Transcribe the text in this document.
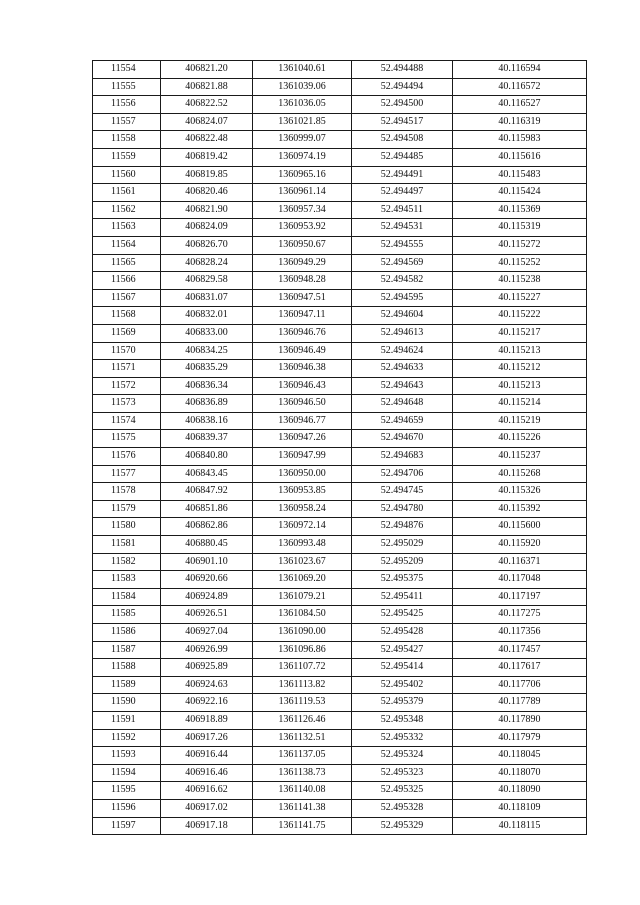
11554	406821.20	1361040.61	52.494488	40.116594
11555	406821.88	1361039.06	52.494494	40.116572
11556	406822.52	1361036.05	52.494500	40.116527
11557	406824.07	1361021.85	52.494517	40.116319
11558	406822.48	1360999.07	52.494508	40.115983
11559	406819.42	1360974.19	52.494485	40.115616
11560	406819.85	1360965.16	52.494491	40.115483
11561	406820.46	1360961.14	52.494497	40.115424
11562	406821.90	1360957.34	52.494511	40.115369
11563	406824.09	1360953.92	52.494531	40.115319
11564	406826.70	1360950.67	52.494555	40.115272
11565	406828.24	1360949.29	52.494569	40.115252
11566	406829.58	1360948.28	52.494582	40.115238
11567	406831.07	1360947.51	52.494595	40.115227
11568	406832.01	1360947.11	52.494604	40.115222
11569	406833.00	1360946.76	52.494613	40.115217
11570	406834.25	1360946.49	52.494624	40.115213
11571	406835.29	1360946.38	52.494633	40.115212
11572	406836.34	1360946.43	52.494643	40.115213
11573	406836.89	1360946.50	52.494648	40.115214
11574	406838.16	1360946.77	52.494659	40.115219
11575	406839.37	1360947.26	52.494670	40.115226
11576	406840.80	1360947.99	52.494683	40.115237
11577	406843.45	1360950.00	52.494706	40.115268
11578	406847.92	1360953.85	52.494745	40.115326
11579	406851.86	1360958.24	52.494780	40.115392
11580	406862.86	1360972.14	52.494876	40.115600
11581	406880.45	1360993.48	52.495029	40.115920
11582	406901.10	1361023.67	52.495209	40.116371
11583	406920.66	1361069.20	52.495375	40.117048
11584	406924.89	1361079.21	52.495411	40.117197
11585	406926.51	1361084.50	52.495425	40.117275
11586	406927.04	1361090.00	52.495428	40.117356
11587	406926.99	1361096.86	52.495427	40.117457
11588	406925.89	1361107.72	52.495414	40.117617
11589	406924.63	1361113.82	52.495402	40.117706
11590	406922.16	1361119.53	52.495379	40.117789
11591	406918.89	1361126.46	52.495348	40.117890
11592	406917.26	1361132.51	52.495332	40.117979
11593	406916.44	1361137.05	52.495324	40.118045
11594	406916.46	1361138.73	52.495323	40.118070
11595	406916.62	1361140.08	52.495325	40.118090
11596	406917.02	1361141.38	52.495328	40.118109
11597	406917.18	1361141.75	52.495329	40.118115
